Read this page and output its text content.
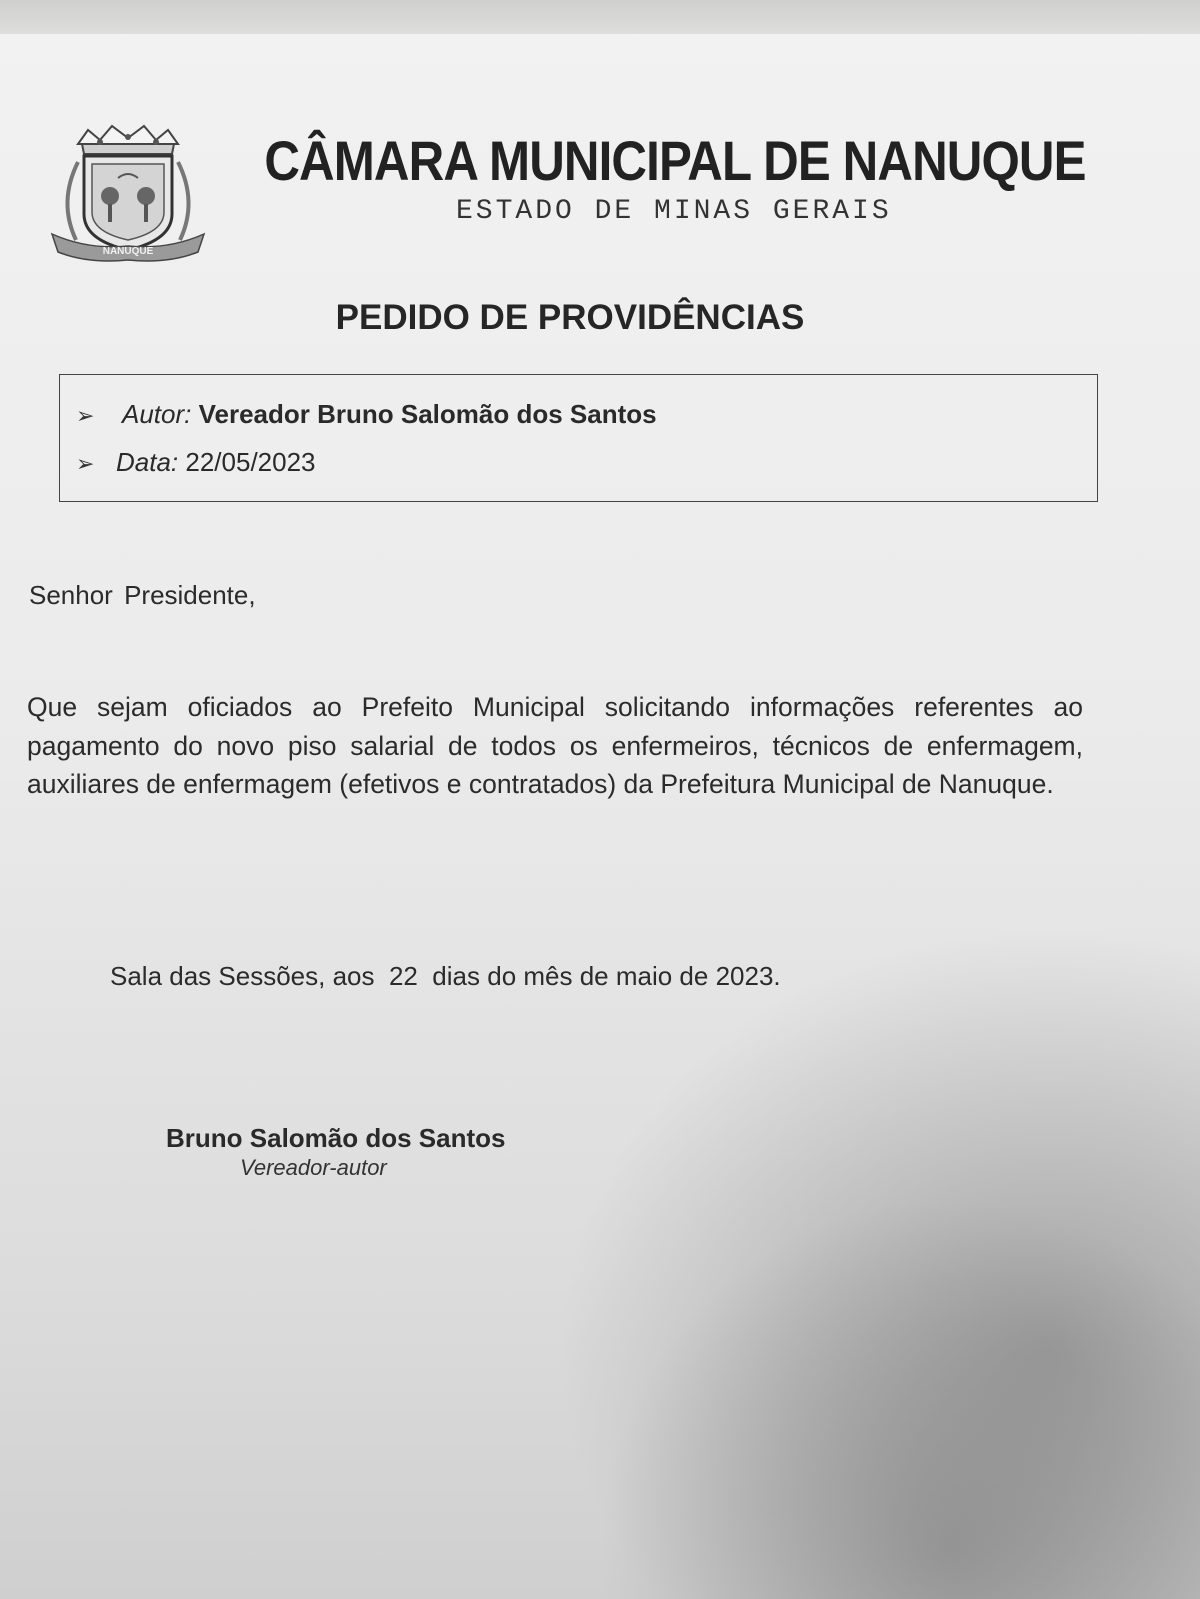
NANUQUE
CÂMARA MUNICIPAL DE NANUQUE
ESTADO DE MINAS GERAIS
PEDIDO DE PROVIDÊNCIAS
➢ Autor: Vereador Bruno Salomão dos Santos
➢ Data: 22/05/2023
Senhor Presidente,
Que sejam oficiados ao Prefeito Municipal solicitando informações referentes ao pagamento do novo piso salarial de todos os enfermeiros, técnicos de enfermagem, auxiliares de enfermagem (efetivos e contratados) da Prefeitura Municipal de Nanuque.
Sala das Sessões, aos  22  dias do mês de maio de 2023.
Bruno Salomão dos Santos
Vereador-autor
